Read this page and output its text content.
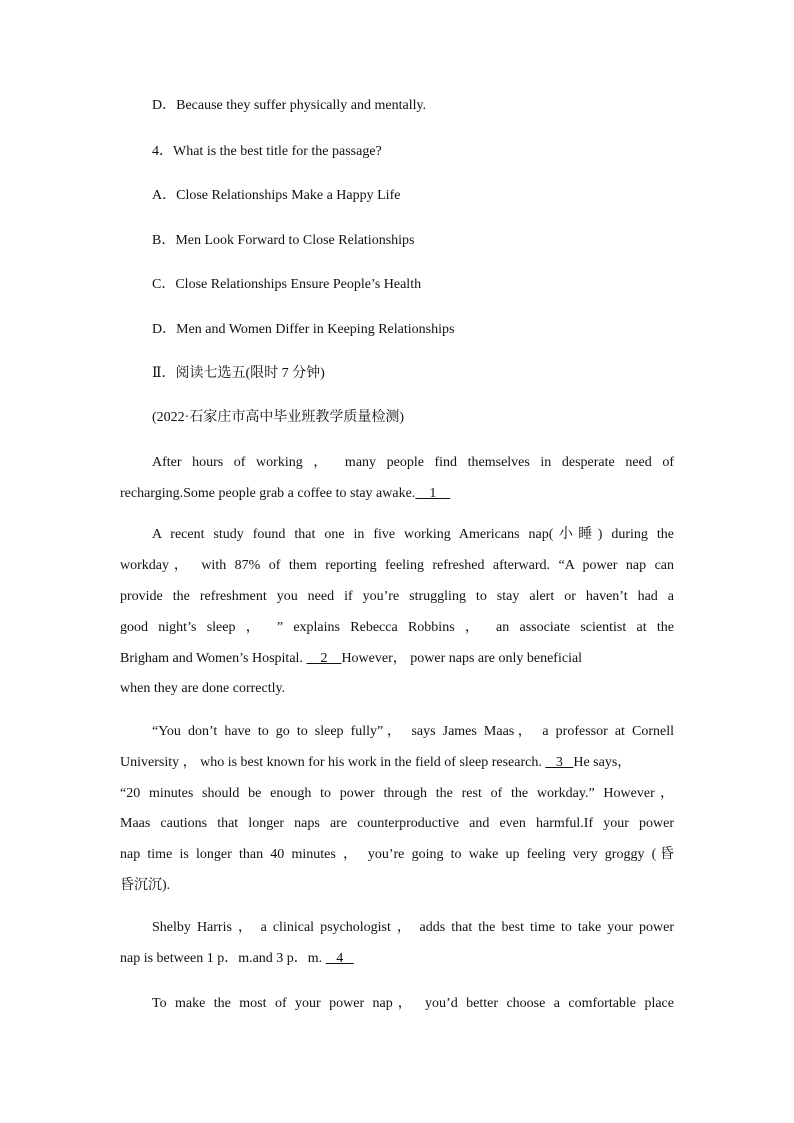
D．Because they suffer physically and mentally.
4．What is the best title for the passage?
A．Close Relationships Make a Happy Life
B．Men Look Forward to Close Relationships
C．Close Relationships Ensure People’s Health
D．Men and Women Differ in Keeping Relationships
Ⅱ．阅读七选五(限时 7 分钟)
(2022·石家庄市高中毕业班教学质量检测)
After hours of working ， many people find themselves in desperate need of
recharging.Some people grab a coffee to stay awake.    1
A recent study found that one in five working Americans nap(小睡) during the
workday， with 87% of them reporting feeling refreshed afterward. “A power nap can
provide the refreshment you need if you’re struggling to stay alert or haven’t had a
good night’s sleep ， ” explains Rebecca Robbins ， an associate scientist at the
Brigham and Women’s Hospital.     2    However， power naps are only beneficial
when they are done correctly.
“You don’t have to go to sleep fully”， says James Maas， a professor at Cornell
University ， who is best known for his work in the field of sleep research.    3   He says，
“20 minutes should be enough to power through the rest of the workday.” However，
Maas cautions that longer naps are counterproductive and even harmful.If your power
nap time is longer than 40 minutes ， you’re going to wake up feeling very groggy (昏
昏沉沉).
Shelby Harris ， a clinical psychologist ， adds that the best time to take your power
nap is between 1 p．m.and 3 p．m.    4
To make the most of your power nap， you’d better choose a comfortable place
